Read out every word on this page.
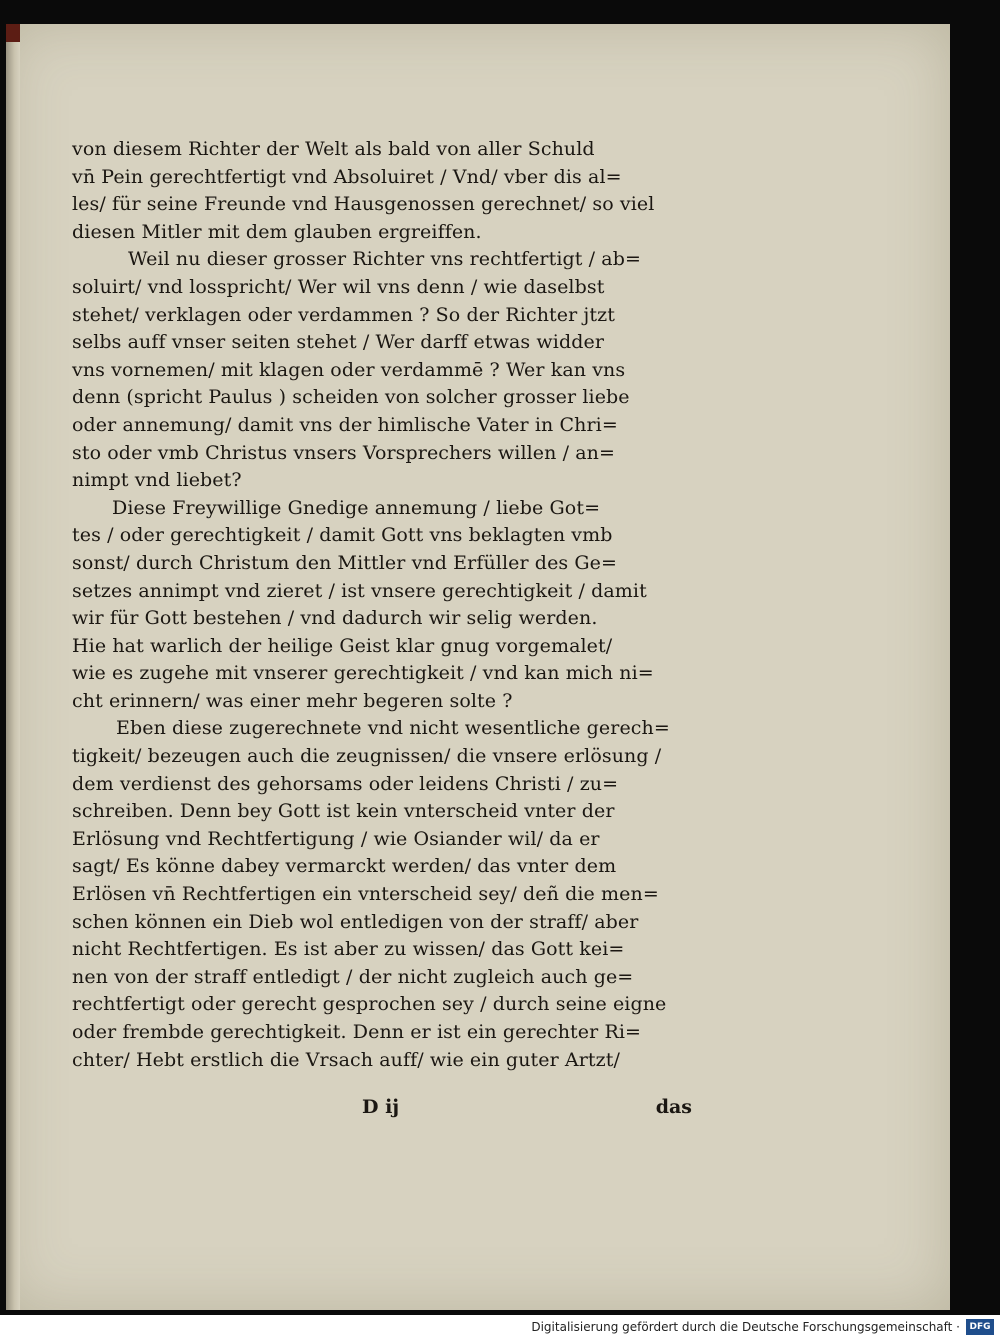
von diesem Richter der Welt als bald von aller Schuld
vn̄ Pein gerechtfertigt vnd Absoluiret / Vnd/ vber dis al=
les/ für seine Freunde vnd Hausgenossen gerechnet/ so viel
diesen Mitler mit dem glauben ergreiffen.
Weil nu dieser grosser Richter vns rechtfertigt / ab=
soluirt/ vnd losspricht/ Wer wil vns denn / wie daselbst
stehet/ verklagen oder verdammen ? So der Richter jtzt
selbs auff vnser seiten stehet / Wer darff etwas widder
vns vornemen/ mit klagen oder verdammē ? Wer kan vns
denn (spricht Paulus ) scheiden von solcher grosser liebe
oder annemung/ damit vns der himlische Vater in Chri=
sto oder vmb Christus vnsers Vorsprechers willen / an=
nimpt vnd liebet?
Diese Freywillige Gnedige annemung / liebe Got=
tes / oder gerechtigkeit / damit Gott vns beklagten vmb
sonst/ durch Christum den Mittler vnd Erfüller des Ge=
setzes annimpt vnd zieret / ist vnsere gerechtigkeit / damit
wir für Gott bestehen / vnd dadurch wir selig werden.
Hie hat warlich der heilige Geist klar gnug vorgemalet/
wie es zugehe mit vnserer gerechtigkeit / vnd kan mich ni=
cht erinnern/ was einer mehr begeren solte ?
Eben diese zugerechnete vnd nicht wesentliche gerech=
tigkeit/ bezeugen auch die zeugnissen/ die vnsere erlösung /
dem verdienst des gehorsams oder leidens Christi / zu=
schreiben. Denn bey Gott ist kein vnterscheid vnter der
Erlösung vnd Rechtfertigung / wie Osiander wil/ da er
sagt/ Es könne dabey vermarckt werden/ das vnter dem
Erlösen vn̄ Rechtfertigen ein vnterscheid sey/ deñ die men=
schen können ein Dieb wol entledigen von der straff/ aber
nicht Rechtfertigen. Es ist aber zu wissen/ das Gott kei=
nen von der straff entledigt / der nicht zugleich auch ge=
rechtfertigt oder gerecht gesprochen sey / durch seine eigne
oder frembde gerechtigkeit. Denn er ist ein gerechter Ri=
chter/ Hebt erstlich die Vrsach auff/ wie ein guter Artzt/
D ij	das
Digitalisierung gefördert durch die Deutsche Forschungsgemeinschaft ·	DFG
